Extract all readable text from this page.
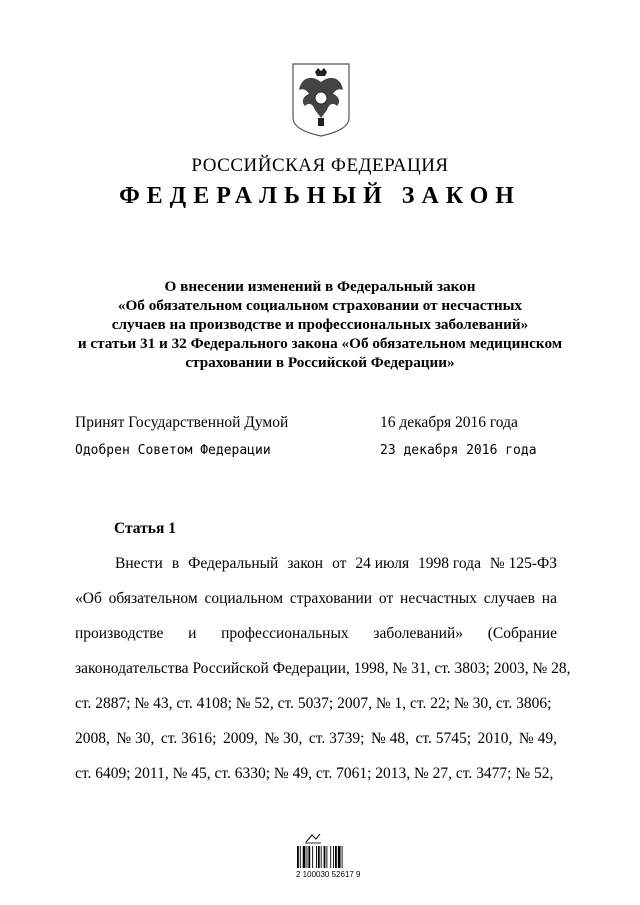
РОССИЙСКАЯ ФЕДЕРАЦИЯ
ФЕДЕРАЛЬНЫЙ ЗАКОН
О внесении изменений в Федеральный закон
«Об обязательном социальном страховании от несчастных
случаев на производстве и профессиональных заболеваний»
и статьи 31 и 32 Федерального закона «Об обязательном медицинском
страховании в Российской Федерации»
Принят Государственной Думой	16 декабря 2016 года
Одобрен Советом Федерации	23 декабря 2016 года
Статья 1
Внести в Федеральный закон от 24 июля 1998 года № 125-ФЗ
«Об обязательном социальном страховании от несчастных случаев на
производстве и профессиональных заболеваний» (Собрание
законодательства Российской Федерации, 1998, № 31, ст. 3803; 2003, № 28,
ст. 2887; № 43, ст. 4108; № 52, ст. 5037; 2007, № 1, ст. 22; № 30, ст. 3806;
2008, № 30, ст. 3616; 2009, № 30, ст. 3739; № 48, ст. 5745; 2010, № 49,
ст. 6409; 2011, № 45, ст. 6330; № 49, ст. 7061; 2013, № 27, ст. 3477; № 52,
2 100030 52617 9
